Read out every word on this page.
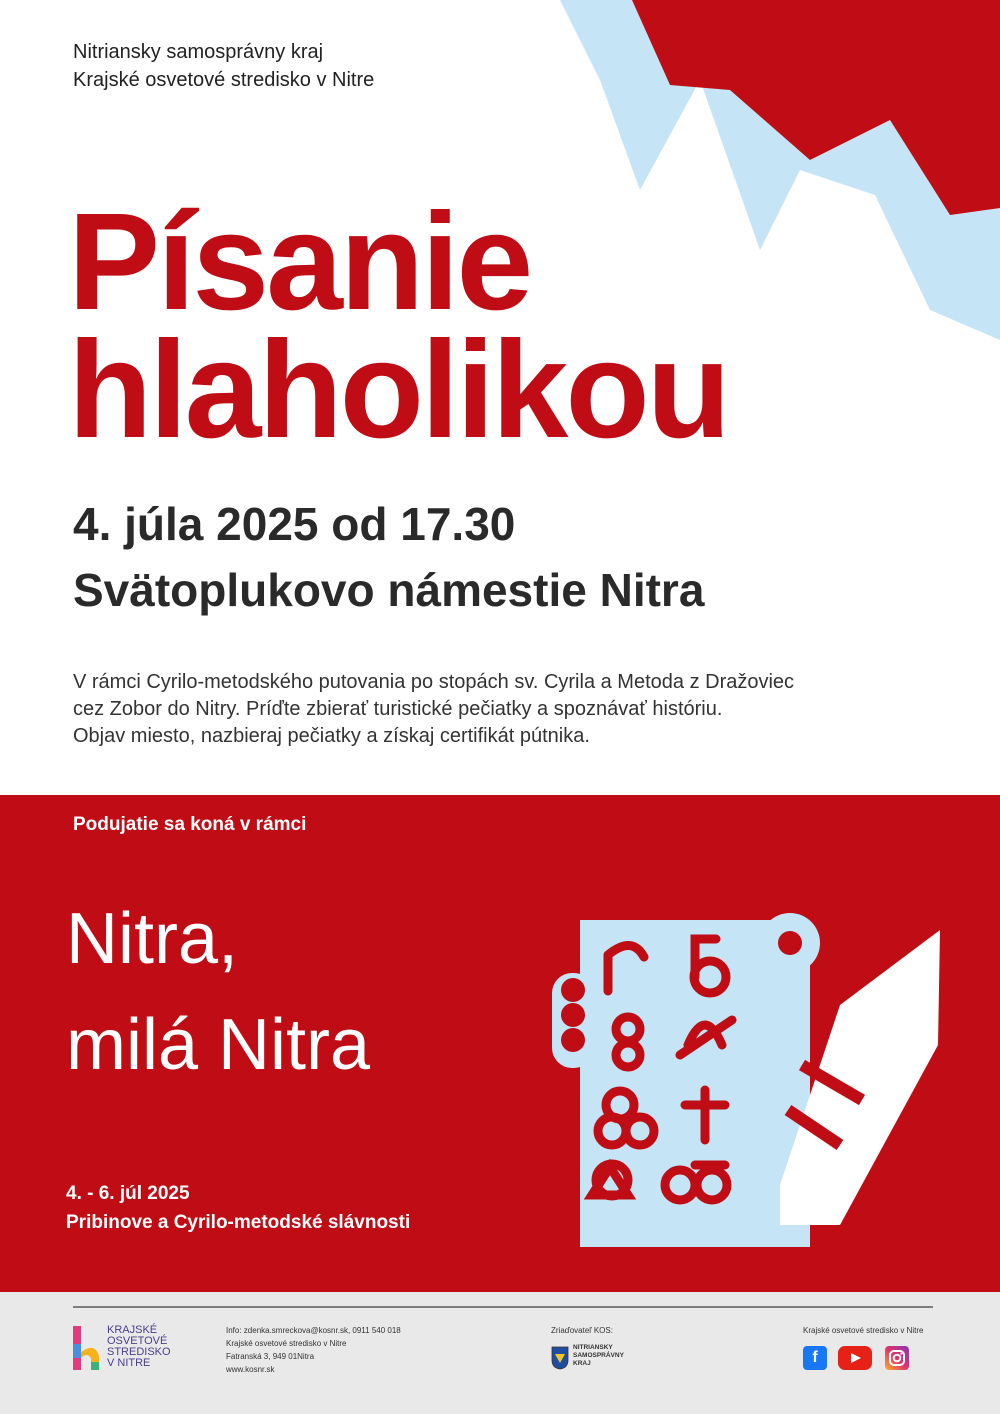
Nitriansky samosprávny kraj
Krajské osvetové stredisko v Nitre
Písanie
hlaholikou
4. júla 2025 od 17.30
Svätoplukovo námestie Nitra
V rámci Cyrilo-metodského putovania po stopách sv. Cyrila a Metoda z Dražoviec
cez Zobor do Nitry. Príďte zbierať turistické pečiatky a spoznávať históriu.
Objav miesto, nazbieraj pečiatky a získaj certifikát pútnika.
Podujatie sa koná v rámci
Nitra,
milá Nitra
4. - 6. júl 2025
Pribinove a Cyrilo-metodské slávnosti
KRAJSKÉ
OSVETOVÉ
STREDISKO
V NITRE
Info: zdenka.smreckova@kosnr.sk, 0911 540 018
Krajské osvetové stredisko v Nitre
Fatranská 3, 949 01Nitra
www.kosnr.sk
Zriaďovateľ KOS:
NITRIANSKY
SAMOSPRÁVNY
KRAJ
Krajské osvetové stredisko v Nitre
f
